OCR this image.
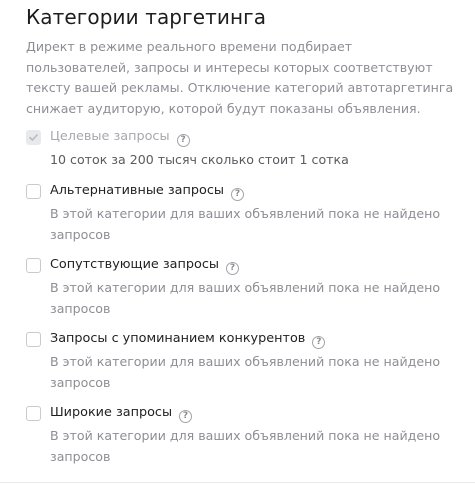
Категории таргетинга
Директ в режиме реального времени подбирает пользователей, запросы и интересы которых соответствуют тексту вашей рекламы. Отключение категорий автотаргетинга снижает аудиторую, которой будут показаны объявления.
Целевые запросы ?
10 соток за 200 тысяч сколько стоит 1 сотка
Альтернативные запросы ?
В этой категории для ваших объявлений пока не найдено запросов
Сопутствующие запросы ?
В этой категории для ваших объявлений пока не найдено запросов
Запросы с упоминанием конкурентов ?
В этой категории для ваших объявлений пока не найдено запросов
Широкие запросы ?
В этой категории для ваших объявлений пока не найдено запросов
